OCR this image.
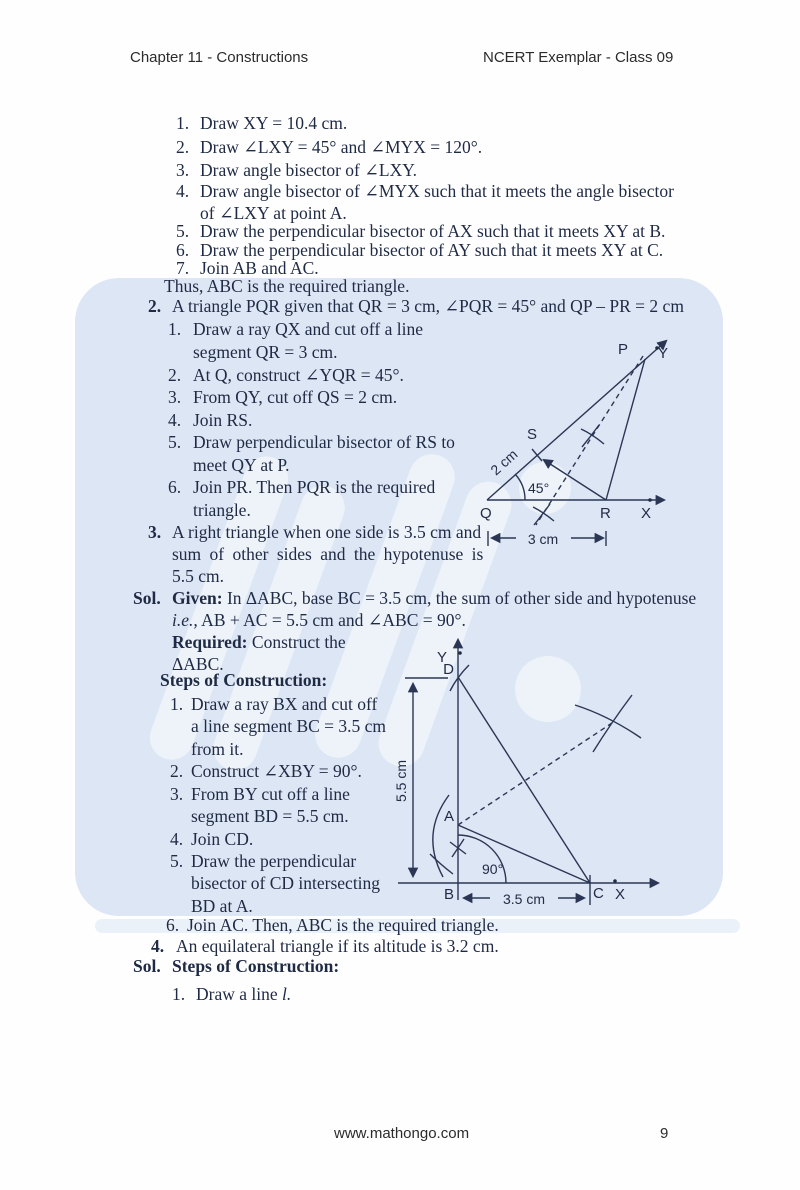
Chapter 11 - Constructions	NCERT Exemplar - Class 09
1. Draw XY = 10.4 cm.
2. Draw ∠LXY = 45° and ∠MYX = 120°.
3. Draw angle bisector of ∠LXY.
4. Draw angle bisector of ∠MYX such that it meets the angle bisector
of ∠LXY at point A.
5. Draw the perpendicular bisector of AX such that it meets XY at B.
6. Draw the perpendicular bisector of AY such that it meets XY at C.
7. Join AB and AC.
Thus, ABC is the required triangle.
2. A triangle PQR given that QR = 3 cm, ∠PQR = 45° and QP – PR = 2 cm
1. Draw a ray QX and cut off a line
segment QR = 3 cm.
2. At Q, construct ∠YQR = 45°.
3. From QY, cut off QS = 2 cm.
4. Join RS.
5. Draw perpendicular bisector of RS to
meet QY at P.
6. Join PR. Then PQR is the required
triangle.
3. A right triangle when one side is 3.5 cm and
sum of other sides and the hypotenuse is
5.5 cm.
Sol. Given: In ΔABC, base BC = 3.5 cm, the sum of other side and hypotenuse
i.e., AB + AC = 5.5 cm and ∠ABC = 90°.
Required: Construct the
ΔABC.
Steps of Construction:
1. Draw a ray BX and cut off
a line segment BC = 3.5 cm
from it.
2. Construct ∠XBY = 90°.
3. From BY cut off a line
segment BD = 5.5 cm.
4. Join CD.
5. Draw the perpendicular
bisector of CD intersecting
BD at A.
6. Join AC. Then, ABC is the required triangle.
4. An equilateral triangle if its altitude is 3.2 cm.
Sol. Steps of Construction:
1. Draw a line l.
Q	R X
S
P Y
45°
2 cm
3 cm
Y
D
A
B	C X
90°
5.5 cm
3.5 cm
www.mathongo.com	9
